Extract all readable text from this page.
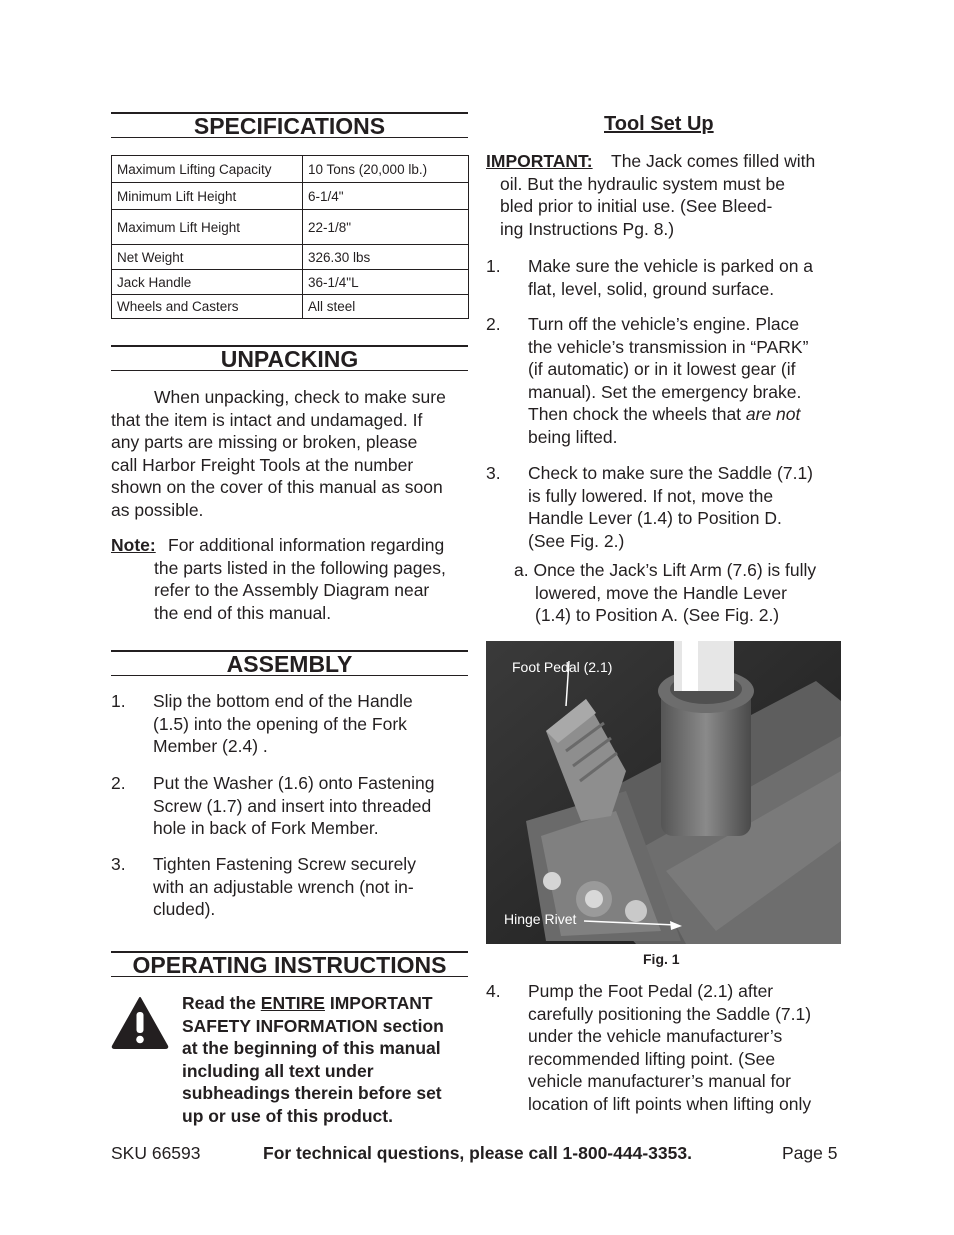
SPECIFICATIONS
Maximum Lifting Capacity	10 Tons (20,000 lb.)
Minimum Lift Height	6-1/4"
Maximum Lift Height	22-1/8"
Net Weight	326.30 lbs
Jack Handle	36-1/4"L
Wheels and Casters	All steel
UNPACKING
When unpacking, check to make sure
that the item is intact and undamaged. If
any parts are missing or broken, please
call Harbor Freight Tools at the number
shown on the cover of this manual as soon
as possible.
Note: For additional information regarding
the parts listed in the following pages,
refer to the Assembly Diagram near
the end of this manual.
ASSEMBLY
1. Slip the bottom end of the Handle
(1.5) into the opening of the Fork
Member (2.4) .
2. Put the Washer (1.6) onto Fastening
Screw (1.7) and insert into threaded
hole in back of Fork Member.
3. Tighten Fastening Screw securely
with an adjustable wrench (not in-
cluded).
OPERATING INSTRUCTIONS
Read the ENTIRE IMPORTANT
SAFETY INFORMATION section
at the beginning of this manual
including all text under
subheadings therein before set
up or use of this product.
Tool Set Up
IMPORTANT: The Jack comes filled with
oil. But the hydraulic system must be
bled prior to initial use. (See Bleed-
ing Instructions Pg. 8.)
1. Make sure the vehicle is parked on a
flat, level, solid, ground surface.
2. Turn off the vehicle’s engine. Place
the vehicle’s transmission in “PARK”
(if automatic) or in it lowest gear (if
manual). Set the emergency brake.
Then chock the wheels that are not
being lifted.
3. Check to make sure the Saddle (7.1)
is fully lowered. If not, move the
Handle Lever (1.4) to Position D.
(See Fig. 2.)
a. Once the Jack’s Lift Arm (7.6) is fully
lowered, move the Handle Lever
(1.4) to Position A. (See Fig. 2.)
Foot Pedal (2.1)
Hinge Rivet
Fig. 1
4. Pump the Foot Pedal (2.1) after
carefully positioning the Saddle (7.1)
under the vehicle manufacturer’s
recommended lifting point. (See
vehicle manufacturer’s manual for
location of lift points when lifting only
SKU 66593	For technical questions, please call 1-800-444-3353.	Page 5
